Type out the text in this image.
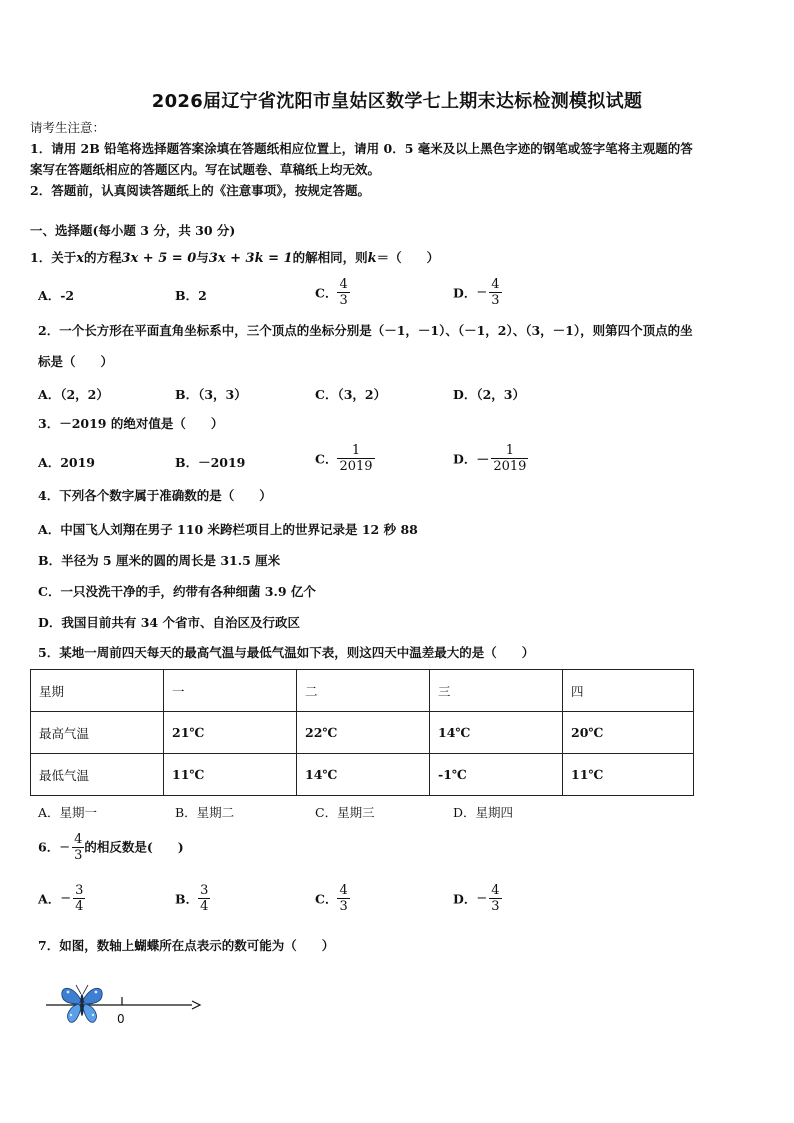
2026届辽宁省沈阳市皇姑区数学七上期末达标检测模拟试题
请考生注意：
1．请用 2B 铅笔将选择题答案涂填在答题纸相应位置上，请用 0．5 毫米及以上黑色字迹的钢笔或签字笔将主观题的答
案写在答题纸相应的答题区内。写在试题卷、草稿纸上均无效。
2．答题前，认真阅读答题纸上的《注意事项》，按规定答题。
一、选择题(每小题 3 分，共 30 分)
1．关于x的方程3x + 5 = 0与3x + 3k = 1的解相同，则k＝（　　）
A．-2	B．2	C． $\frac{4}{3}$	D．− $\frac{4}{3}$
2．一个长方形在平面直角坐标系中，三个顶点的坐标分别是（－1，－1）、（－1，2）、（3，－1），则第四个顶点的坐
标是（　　）
A．（2，2）	B．（3，3）	C．（3，2）	D．（2，3）
3．－2019 的绝对值是（　　）
A．2019	B．－2019	C． $\frac{1}{2019}$	D．－ $\frac{1}{2019}$
4．下列各个数字属于准确数的是（　　）
A．中国飞人刘翔在男子 110 米跨栏项目上的世界记录是 12 秒 88
B．半径为 5 厘米的圆的周长是 31.5 厘米
C．一只没洗干净的手，约带有各种细菌 3.9 亿个
D．我国目前共有 34 个省市、自治区及行政区
5．某地一周前四天每天的最高气温与最低气温如下表，则这四天中温差最大的是（　　）
星期	一	二	三	四
最高气温	21℃	22℃	14℃	20℃
最低气温	11℃	14℃	-1℃	11℃
A．星期一	B．星期二	C．星期三	D．星期四
6．− $\frac{4}{3}$ 的相反数是(　　)
A．− $\frac{3}{4}$	B． $\frac{3}{4}$	C． $\frac{4}{3}$	D．− $\frac{4}{3}$
7．如图，数轴上蝴蝶所在点表示的数可能为（　　）
0
